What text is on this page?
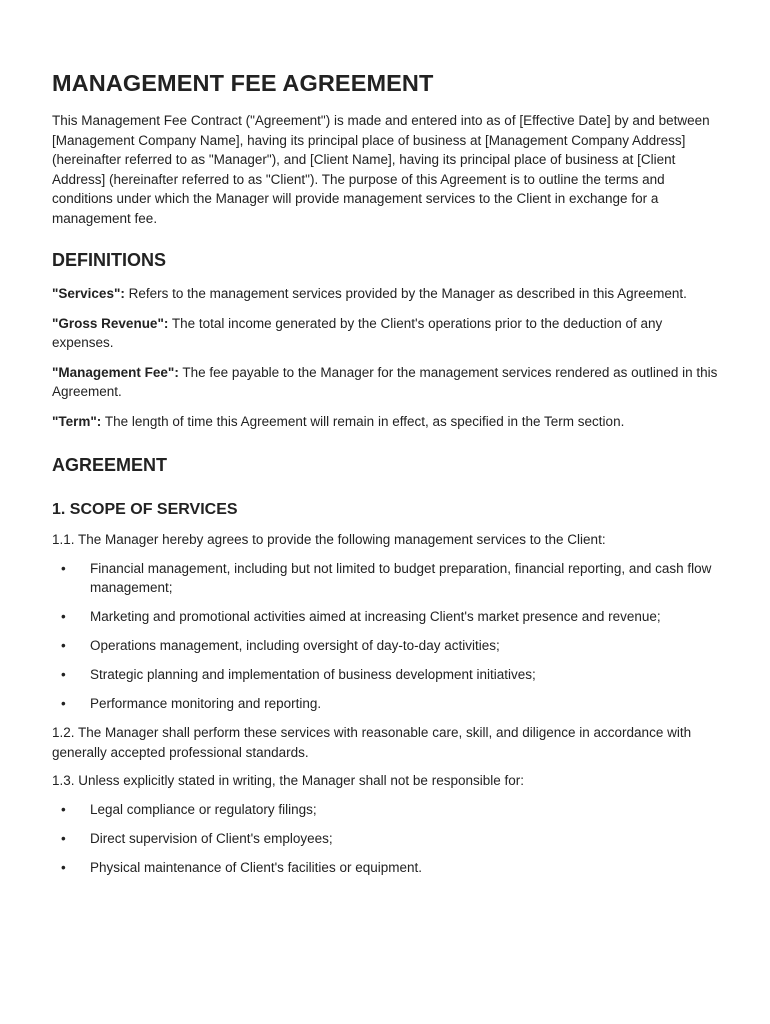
MANAGEMENT FEE AGREEMENT

This Management Fee Contract ("Agreement") is made and entered into as of [Effective Date] by and between [Management Company Name], having its principal place of business at [Management Company Address] (hereinafter referred to as "Manager"), and [Client Name], having its principal place of business at [Client Address] (hereinafter referred to as "Client"). The purpose of this Agreement is to outline the terms and conditions under which the Manager will provide management services to the Client in exchange for a management fee.

DEFINITIONS

"Services": Refers to the management services provided by the Manager as described in this Agreement.

"Gross Revenue": The total income generated by the Client's operations prior to the deduction of any expenses.

"Management Fee": The fee payable to the Manager for the management services rendered as outlined in this Agreement.

"Term": The length of time this Agreement will remain in effect, as specified in the Term section.

AGREEMENT
1. SCOPE OF SERVICES

1.1. The Manager hereby agrees to provide the following management services to the Client:

• Financial management, including but not limited to budget preparation, financial reporting, and cash flow management;
• Marketing and promotional activities aimed at increasing Client's market presence and revenue;
• Operations management, including oversight of day-to-day activities;
• Strategic planning and implementation of business development initiatives;
• Performance monitoring and reporting.

1.2. The Manager shall perform these services with reasonable care, skill, and diligence in accordance with generally accepted professional standards.

1.3. Unless explicitly stated in writing, the Manager shall not be responsible for:

• Legal compliance or regulatory filings;
• Direct supervision of Client's employees;
• Physical maintenance of Client's facilities or equipment.
